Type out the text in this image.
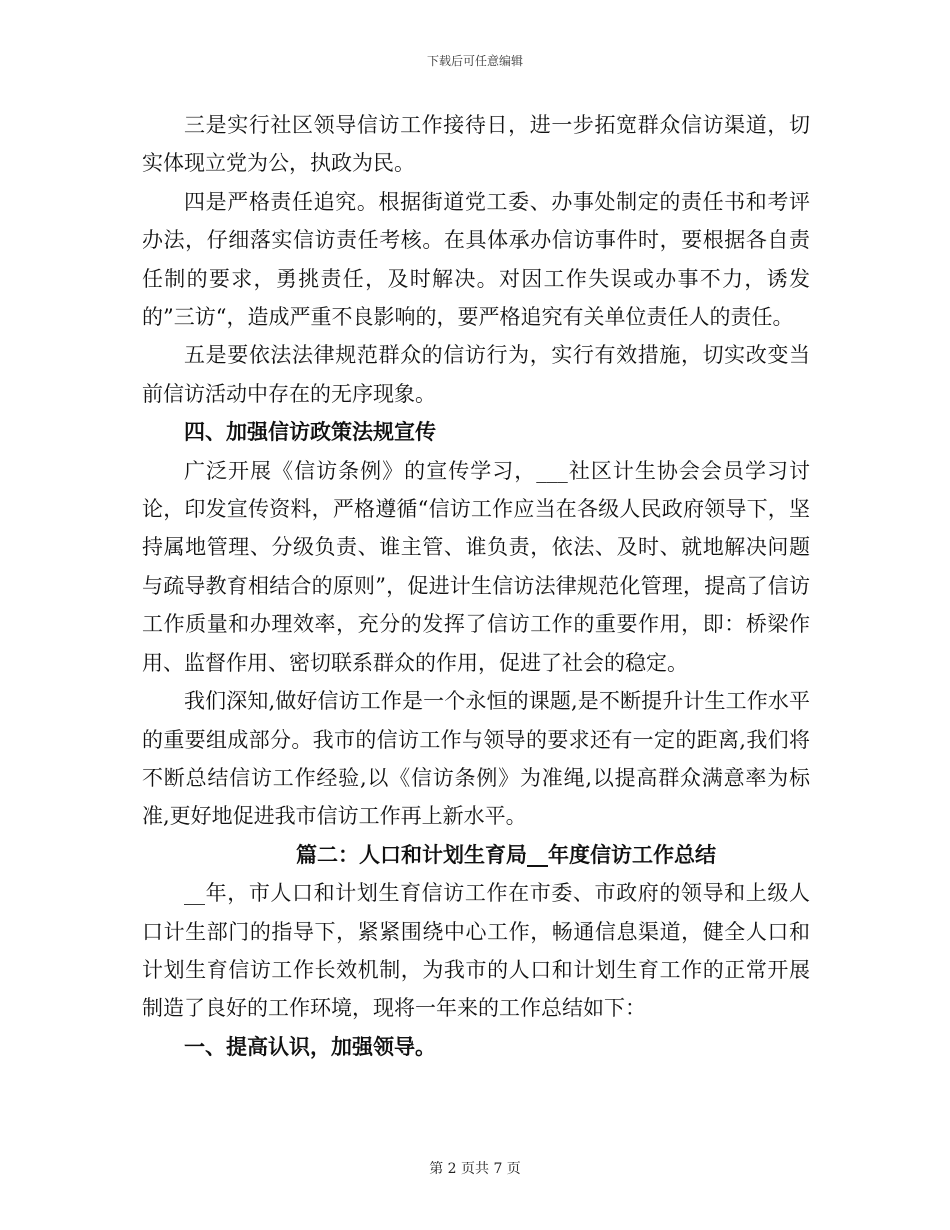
下载后可任意编辑

三是实行社区领导信访工作接待日，进一步拓宽群众信访渠道，切实体现立党为公，执政为民。

四是严格责任追究。根据街道党工委、办事处制定的责任书和考评办法，仔细落实信访责任考核。在具体承办信访事件时，要根据各自责任制的要求，勇挑责任，及时解决。对因工作失误或办事不力，诱发的”三访“，造成严重不良影响的，要严格追究有关单位责任人的责任。

五是要依法法律规范群众的信访行为，实行有效措施，切实改变当前信访活动中存在的无序现象。

四、加强信访政策法规宣传

广泛开展《信访条例》的宣传学习，___社区计生协会会员学习讨论，印发宣传资料，严格遵循“信访工作应当在各级人民政府领导下，坚持属地管理、分级负责、谁主管、谁负责，依法、及时、就地解决问题与疏导教育相结合的原则”，促进计生信访法律规范化管理，提高了信访工作质量和办理效率，充分的发挥了信访工作的重要作用，即：桥梁作用、监督作用、密切联系群众的作用，促进了社会的稳定。

我们深知,做好信访工作是一个永恒的课题,是不断提升计生工作水平的重要组成部分。我市的信访工作与领导的要求还有一定的距离,我们将不断总结信访工作经验,以《信访条例》为准绳,以提高群众满意率为标准,更好地促进我市信访工作再上新水平。

篇二：人口和计划生育局__年度信访工作总结

__年，市人口和计划生育信访工作在市委、市政府的领导和上级人口计生部门的指导下，紧紧围绕中心工作，畅通信息渠道，健全人口和计划生育信访工作长效机制，为我市的人口和计划生育工作的正常开展制造了良好的工作环境，现将一年来的工作总结如下：

一、提高认识，加强领导。

第 2 页共 7 页
